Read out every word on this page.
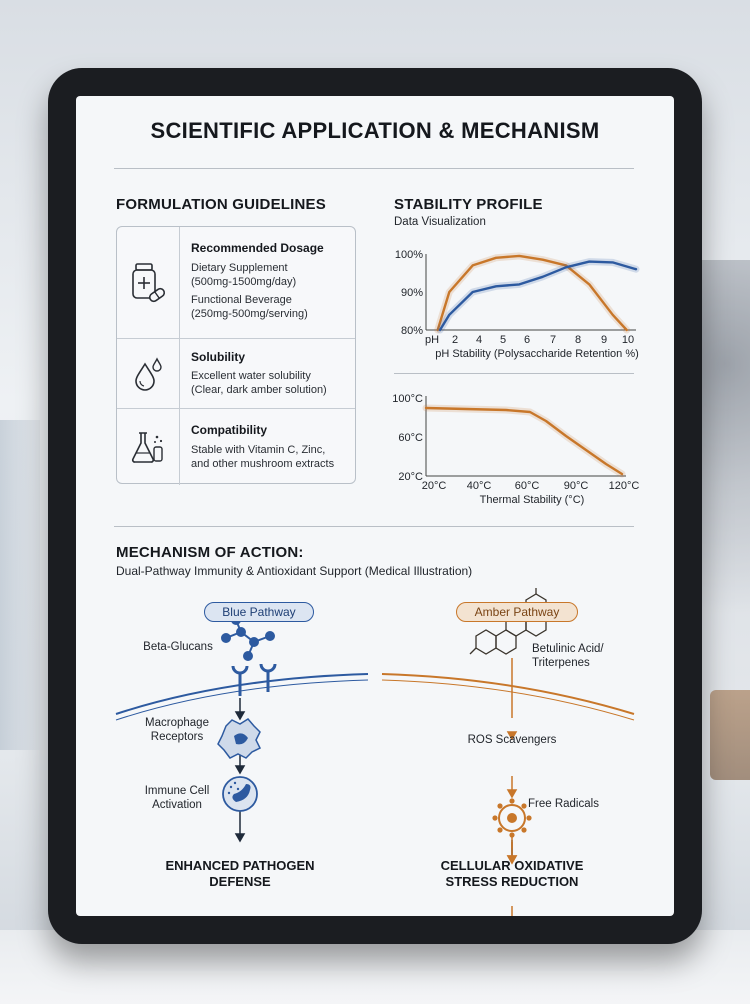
SCIENTIFIC APPLICATION & MECHANISM
FORMULATION GUIDELINES
Recommended Dosage
Dietary Supplement
(500mg-1500mg/day)
Functional Beverage
(250mg-500mg/serving)
Solubility
Excellent water solubility
(Clear, dark amber solution)
Compatibility
Stable with Vitamin C, Zinc,
and other mushroom extracts
STABILITY PROFILE
Data Visualization
100%
90%
80%
pH 2 4 5 6 7 8 9 10
pH Stability (Polysaccharide Retention %)
100°C
60°C
20°C
20°C 40°C 60°C 90°C 120°C
Thermal Stability (°C)
MECHANISM OF ACTION:
Dual-Pathway Immunity & Antioxidant Support (Medical Illustration)
Blue Pathway	Amber Pathway
Beta-Glucans
Macrophage
Receptors
Immune Cell
Activation
ENHANCED PATHOGEN
DEFENSE
Betulinic Acid/
Triterpenes
ROS Scavengers
Free Radicals
CELLULAR OXIDATIVE
STRESS REDUCTION
